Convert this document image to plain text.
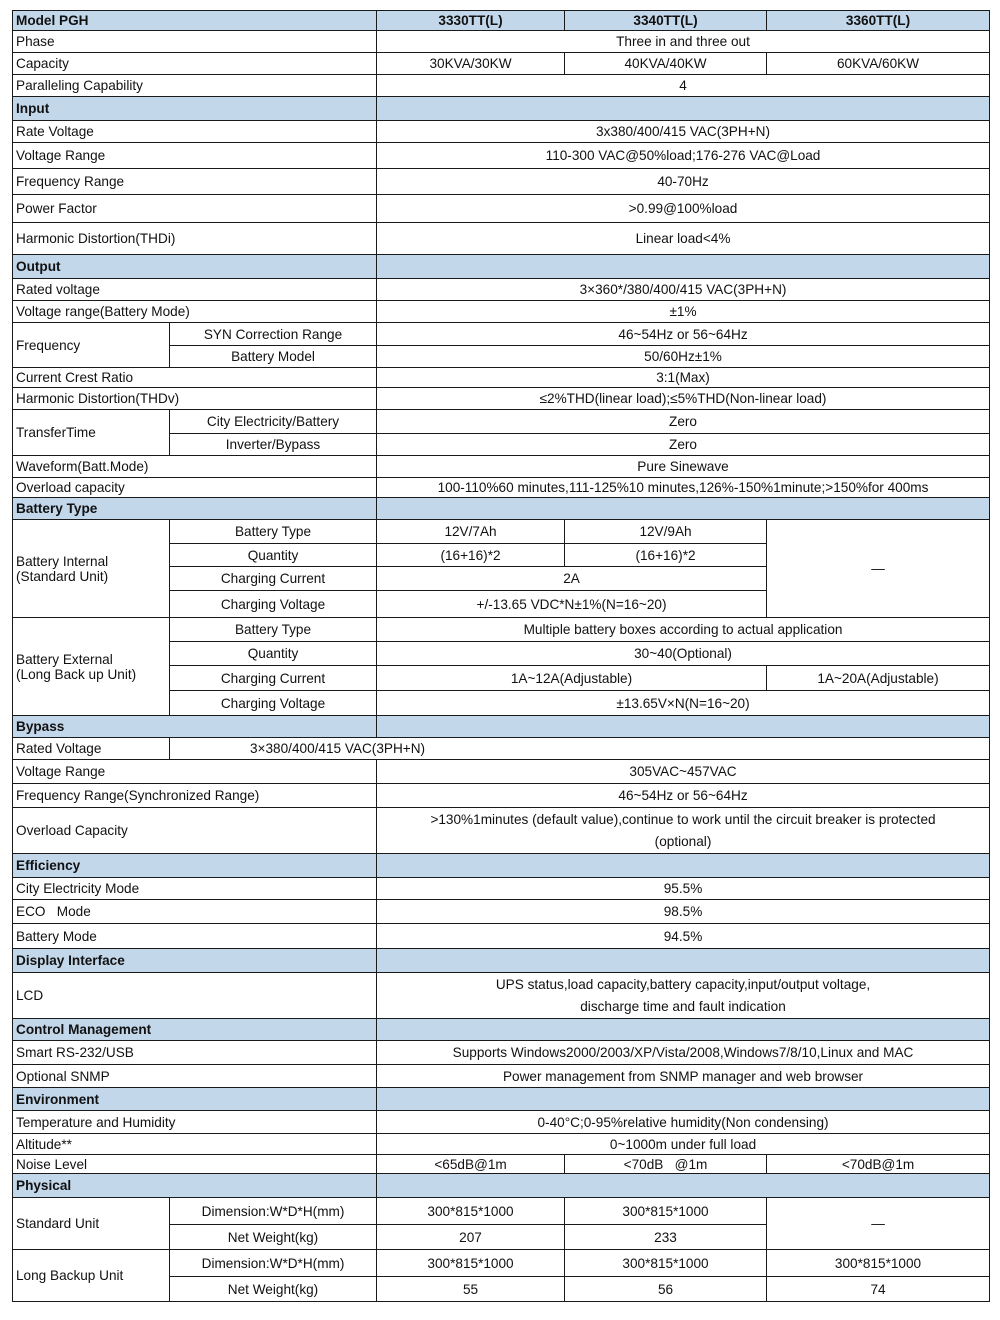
Model PGH		3330TT(L)	3340TT(L)	3360TT(L)
Phase		Three in and three out		
Capacity		30KVA/30KW	40KVA/40KW	60KVA/60KW
Paralleling Capability		4		
Input				
Rate Voltage		3x380/400/415 VAC(3PH+N)		
Voltage Range		110-300 VAC@50%load;176-276 VAC@Load		
Frequency Range		40-70Hz		
Power Factor		>0.99@100%load		
Harmonic Distortion(THDi)		Linear load<4%		
Output				
Rated voltage		3×360*/380/400/415 VAC(3PH+N)		
Voltage range(Battery Mode)		±1%		
Frequency	SYN Correction Range	46~54Hz or 56~64Hz		
	Battery Model	50/60Hz±1%		
Current Crest Ratio		3:1(Max)		
Harmonic Distortion(THDv)		≤2%THD(linear load);≤5%THD(Non-linear load)		
TransferTime	City Electricity/Battery	Zero		
	Inverter/Bypass	Zero		
Waveform(Batt.Mode)		Pure Sinewave		
Overload capacity		100-110%60 minutes,111-125%10 minutes,126%-150%1minute;>150%for 400ms		
Battery Type				
Battery Internal
(Standard Unit)	Battery Type	12V/7Ah	12V/9Ah	—
	Quantity	(16+16)*2	(16+16)*2	
	Charging Current	2A		
	Charging Voltage	+/-13.65 VDC*N±1%(N=16~20)		
Battery External
(Long Back up Unit)	Battery Type	Multiple battery boxes according to actual application		
	Quantity	30~40(Optional)		
	Charging Current	1A~12A(Adjustable)		1A~20A(Adjustable)
	Charging Voltage	±13.65V×N(N=16~20)		
Bypass				
Rated Voltage	3×380/400/415 VAC(3PH+N)			
Voltage Range		305VAC~457VAC		
Frequency Range(Synchronized Range)		46~54Hz or 56~64Hz		
Overload Capacity		>130%1minutes (default value),continue to work until the circuit breaker is protected
(optional)		
Efficiency				
City Electricity Mode		95.5%		
ECO   Mode		98.5%		
Battery Mode		94.5%		
Display Interface				
LCD		UPS status,load capacity,battery capacity,input/output voltage,
discharge time and fault indication		
Control Management				
Smart RS-232/USB		Supports Windows2000/2003/XP/Vista/2008,Windows7/8/10,Linux and MAC		
Optional SNMP		Power management from SNMP manager and web browser		
Environment				
Temperature and Humidity		0-40°C;0-95%relative humidity(Non condensing)		
Altitude**		0~1000m under full load		
Noise Level		<65dB@1m	<70dB   @1m	<70dB@1m
Physical				
Standard Unit	Dimension:W*D*H(mm)	300*815*1000	300*815*1000	—
	Net Weight(kg)	207	233	
Long Backup Unit	Dimension:W*D*H(mm)	300*815*1000	300*815*1000	300*815*1000
	Net Weight(kg)	55	56	74
